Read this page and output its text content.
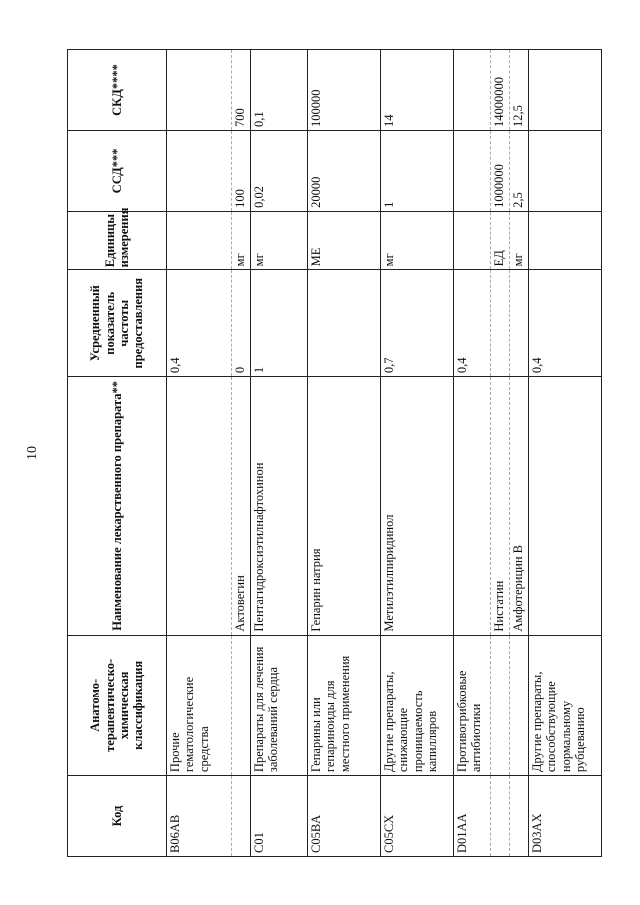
10
Код	Анатомо-терапевтическо-химическая классификация	Наименование лекарственного препарата**	Усредненный показатель частоты предоставления	Единицы измерения	ССД***	СКД****
B06AB	Прочие гематологические средства		0,4			
		Актовегин	0	мг	100	700
C01	Препараты для лечения заболеваний сердца	Пентагидроксиэтилнафтохинон	1	мг	0,02	0,1
C05BA	Гепарины или гепариноиды для местного применения	Гепарин натрия		МЕ	20000	100000
C05CX	Другие препараты, снижающие проницаемость капилляров	Метилэтилпиридинол	0,7	мг	1	14
D01AA	Противогрибковые антибиотики		0,4			
		Нистатин		ЕД	1000000	14000000
		Амфотерицин В		мг	2,5	12,5
D03AX	Другие препараты, способствующие нормальному рубцеванию		0,4			
